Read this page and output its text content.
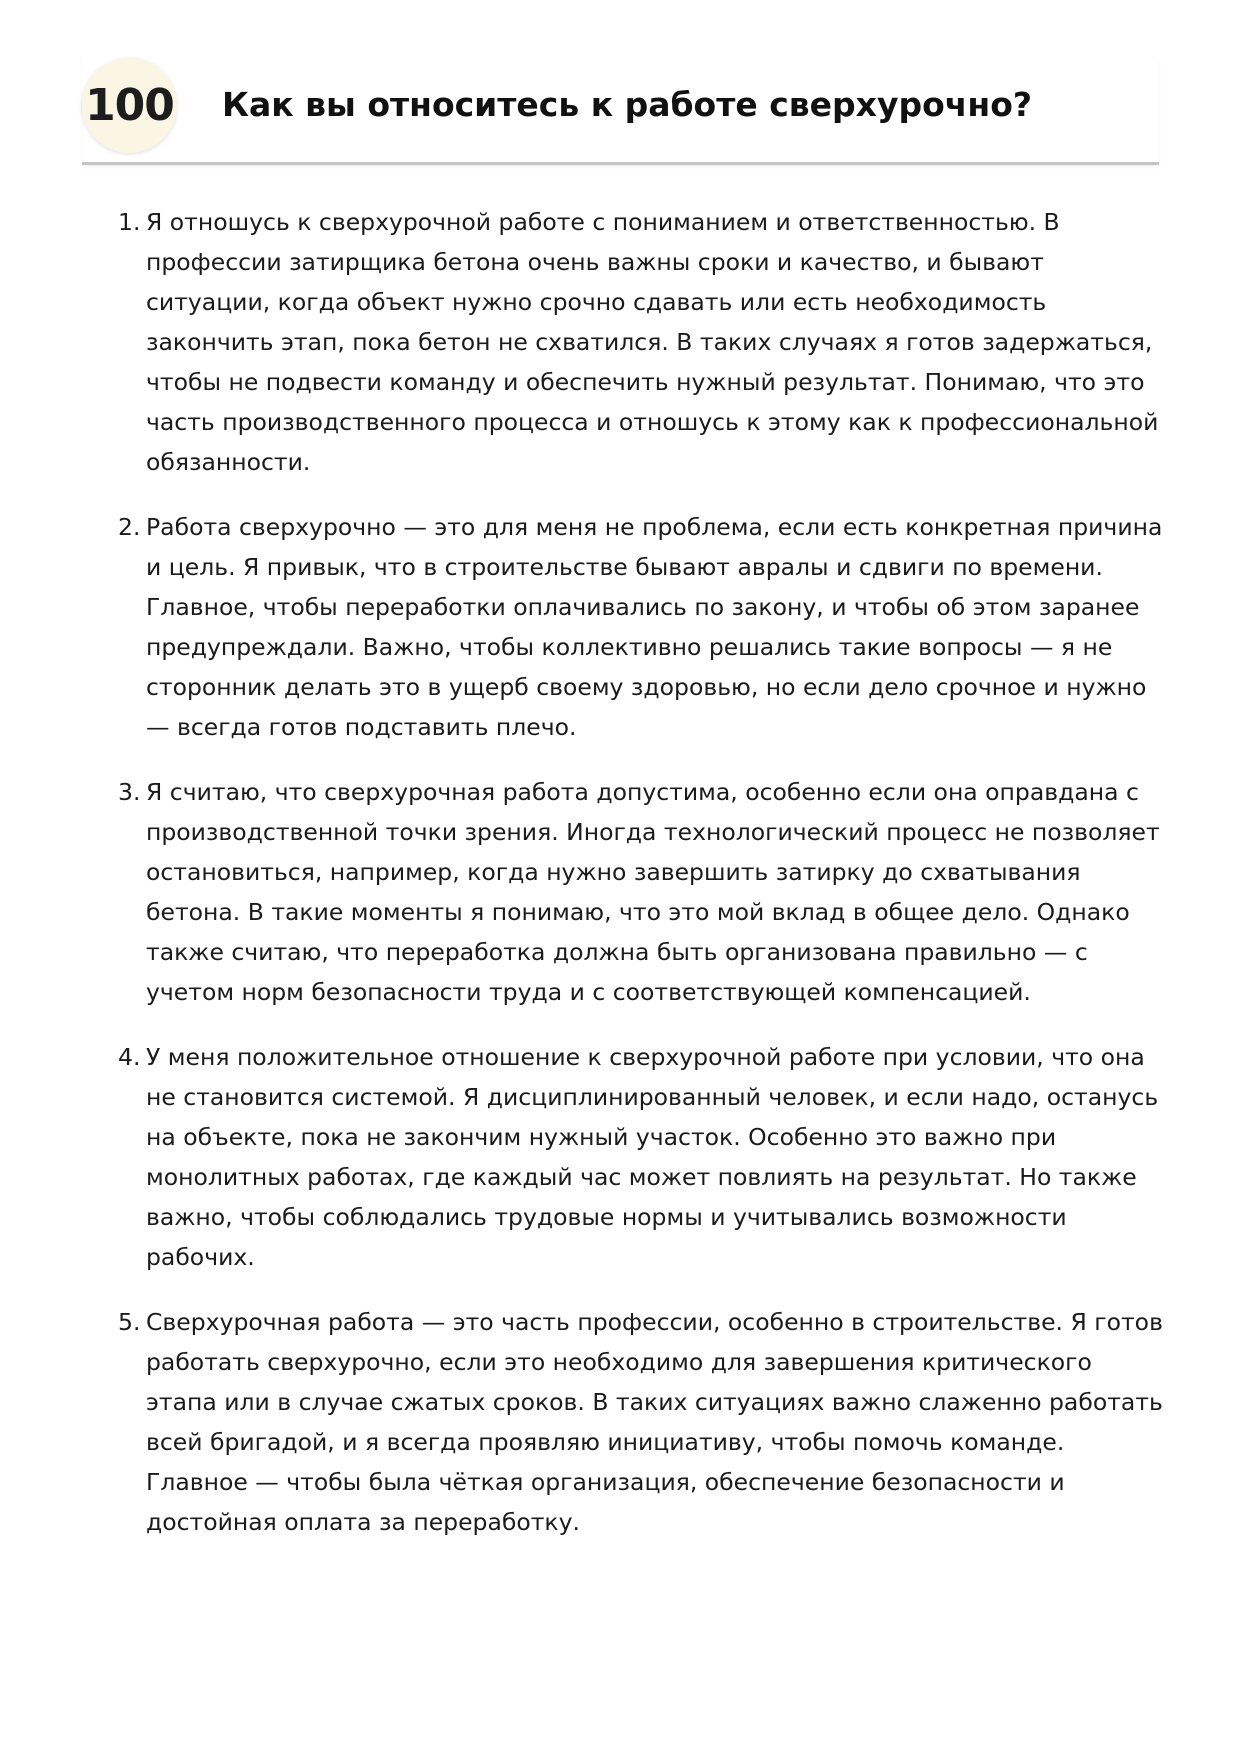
100 Как вы относитесь к работе сверхурочно?
1. Я отношусь к сверхурочной работе с пониманием и ответственностью. В профессии затирщика бетона очень важны сроки и качество, и бывают ситуации, когда объект нужно срочно сдавать или есть необходимость закончить этап, пока бетон не схватился. В таких случаях я готов задержаться, чтобы не подвести команду и обеспечить нужный результат. Понимаю, что это часть производственного процесса и отношусь к этому как к профессиональной обязанности.
2. Работа сверхурочно — это для меня не проблема, если есть конкретная причина и цель. Я привык, что в строительстве бывают авралы и сдвиги по времени. Главное, чтобы переработки оплачивались по закону, и чтобы об этом заранее предупреждали. Важно, чтобы коллективно решались такие вопросы — я не сторонник делать это в ущерб своему здоровью, но если дело срочное и нужно — всегда готов подставить плечо.
3. Я считаю, что сверхурочная работа допустима, особенно если она оправдана с производственной точки зрения. Иногда технологический процесс не позволяет остановиться, например, когда нужно завершить затирку до схватывания бетона. В такие моменты я понимаю, что это мой вклад в общее дело. Однако также считаю, что переработка должна быть организована правильно — с учетом норм безопасности труда и с соответствующей компенсацией.
4. У меня положительное отношение к сверхурочной работе при условии, что она не становится системой. Я дисциплинированный человек, и если надо, останусь на объекте, пока не закончим нужный участок. Особенно это важно при монолитных работах, где каждый час может повлиять на результат. Но также важно, чтобы соблюдались трудовые нормы и учитывались возможности рабочих.
5. Сверхурочная работа — это часть профессии, особенно в строительстве. Я готов работать сверхурочно, если это необходимо для завершения критического этапа или в случае сжатых сроков. В таких ситуациях важно слаженно работать всей бригадой, и я всегда проявляю инициативу, чтобы помочь команде. Главное — чтобы была чёткая организация, обеспечение безопасности и достойная оплата за переработку.
